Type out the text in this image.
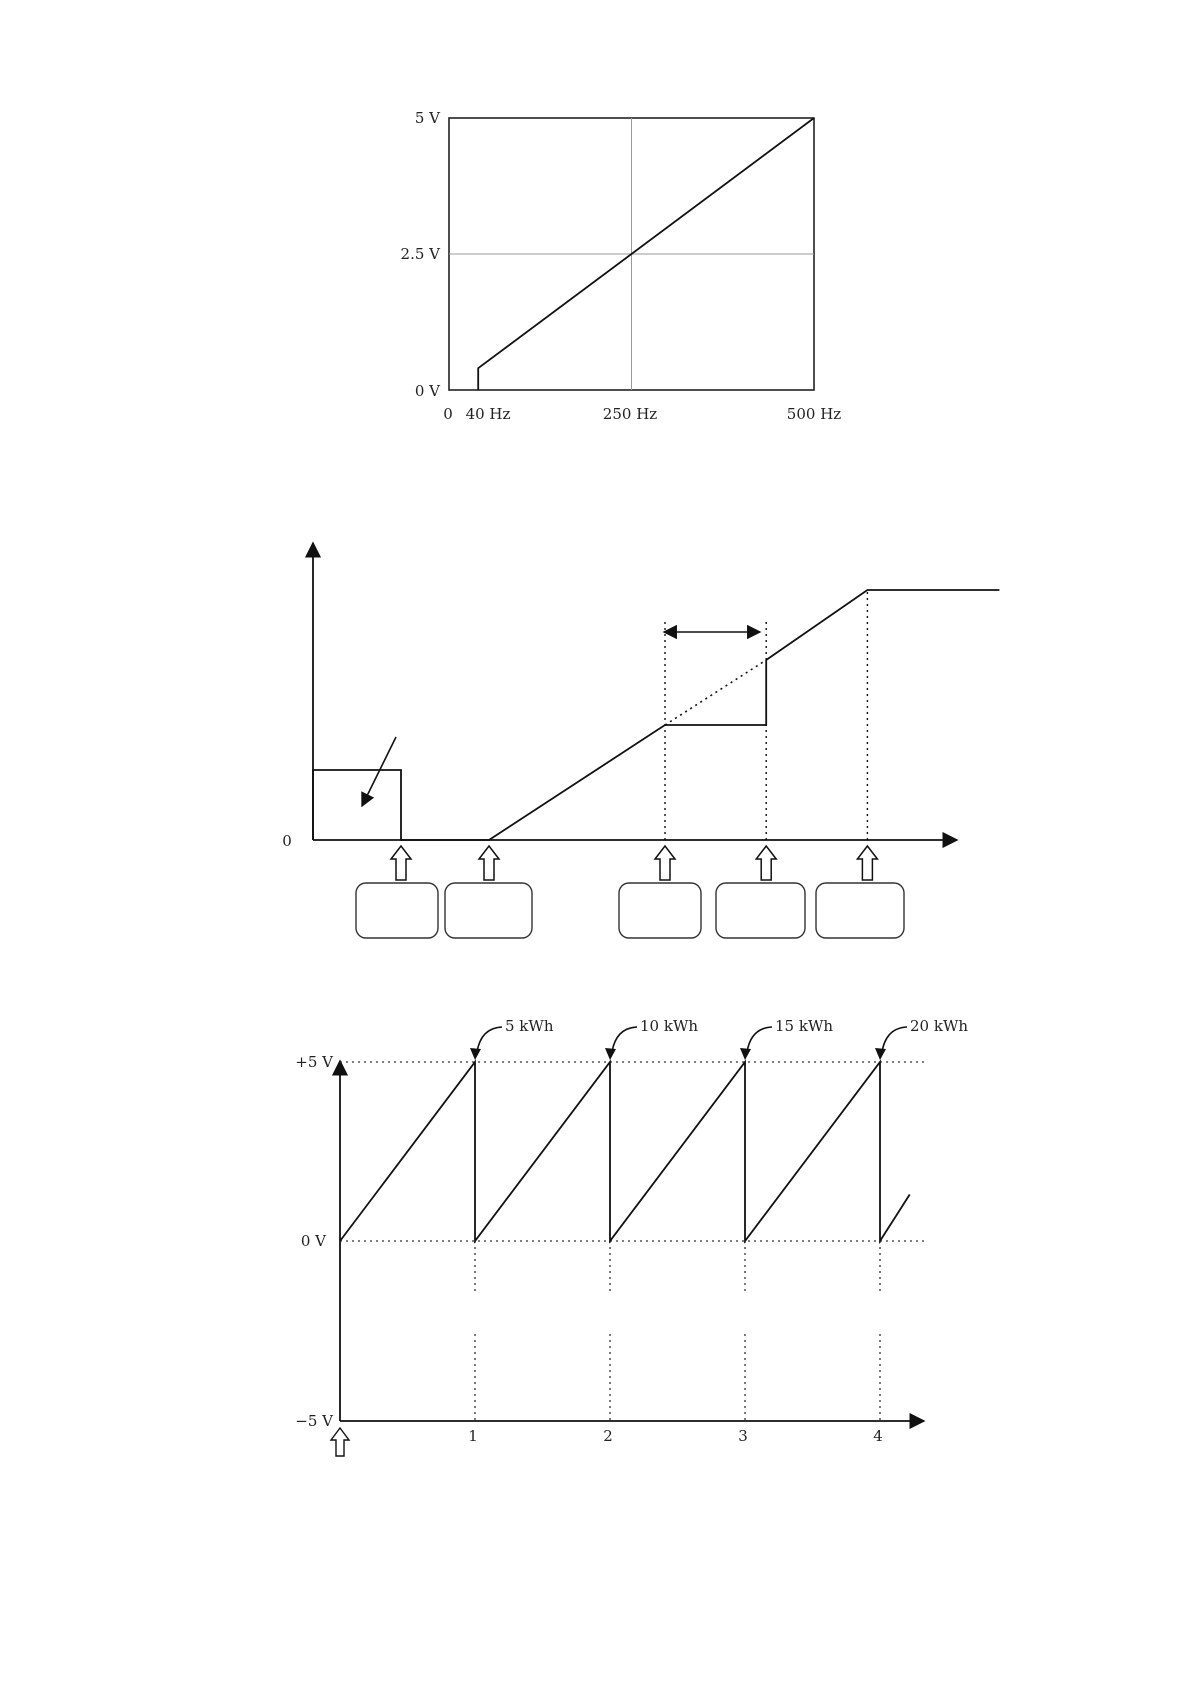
5 V
2.5 V
0 V
0 40 Hz	250 Hz	500 Hz
0
5 kWh	10 kWh	15 kWh	20 kWh
+5 V
0 V
−5 V
1	2	3	4
